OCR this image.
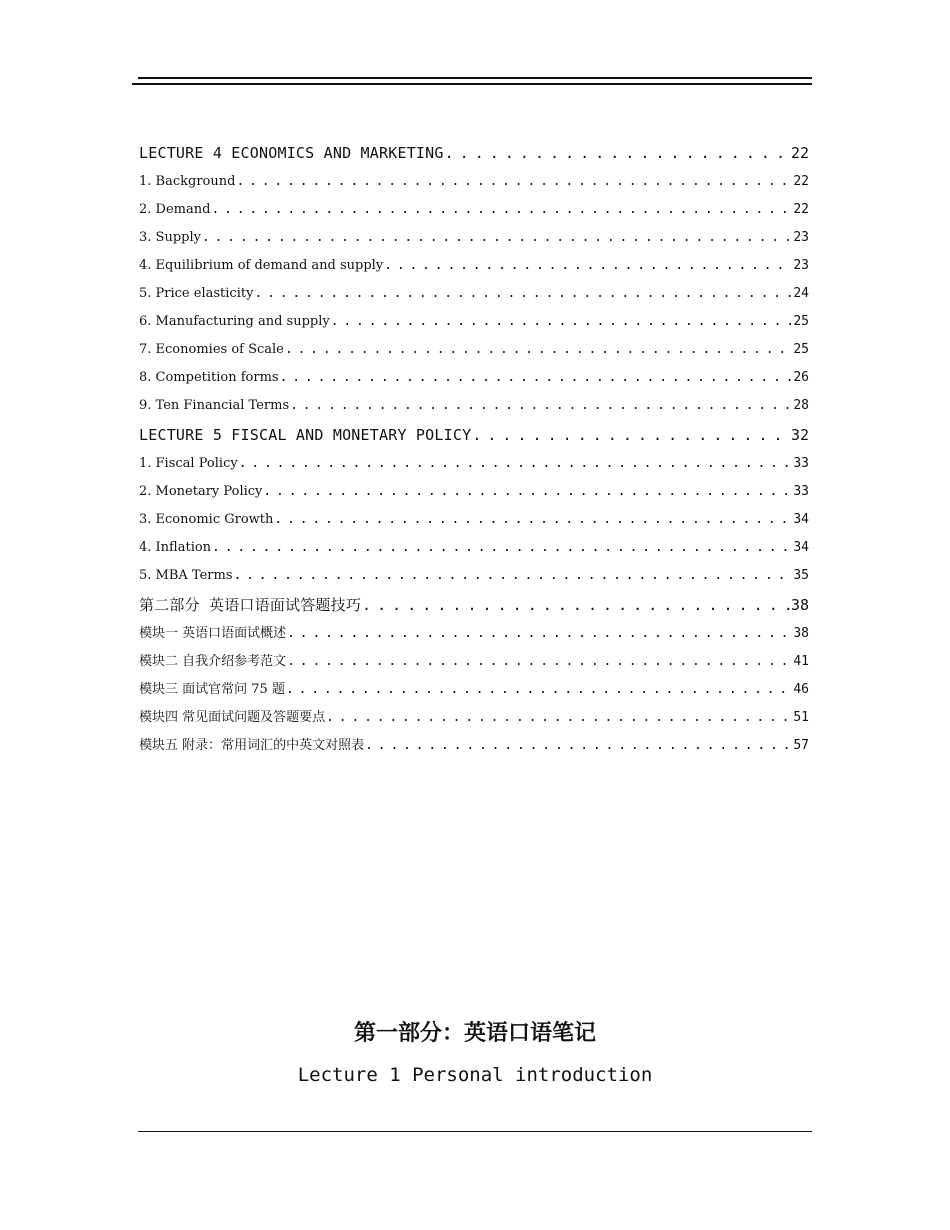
LECTURE 4 ECONOMICS AND MARKETING . . .	22
1. Background . . .	22
2. Demand . . .	22
3. Supply . . .	23
4. Equilibrium of demand and supply . . .	23
5. Price elasticity . . .	24
6. Manufacturing and supply . . .	25
7. Economies of Scale . . .	25
8. Competition forms . . .	26
9. Ten Financial Terms . . .	28
LECTURE 5 FISCAL AND MONETARY POLICY . . .	32
1. Fiscal Policy . . .	33
2. Monetary Policy . . .	33
3. Economic Growth . . .	34
4. Inflation . . .	34
5. MBA Terms . . .	35
第二部分 英语口语面试答题技巧 . . .	38
模块一 英语口语面试概述 . . .	38
模块二 自我介绍参考范文 . . .	41
模块三 面试官常问 75 题 . . .	46
模块四 常见面试问题及答题要点 . . .	51
模块五 附录：常用词汇的中英文对照表 . . .	57
第一部分：英语口语笔记
Lecture 1 Personal introduction
